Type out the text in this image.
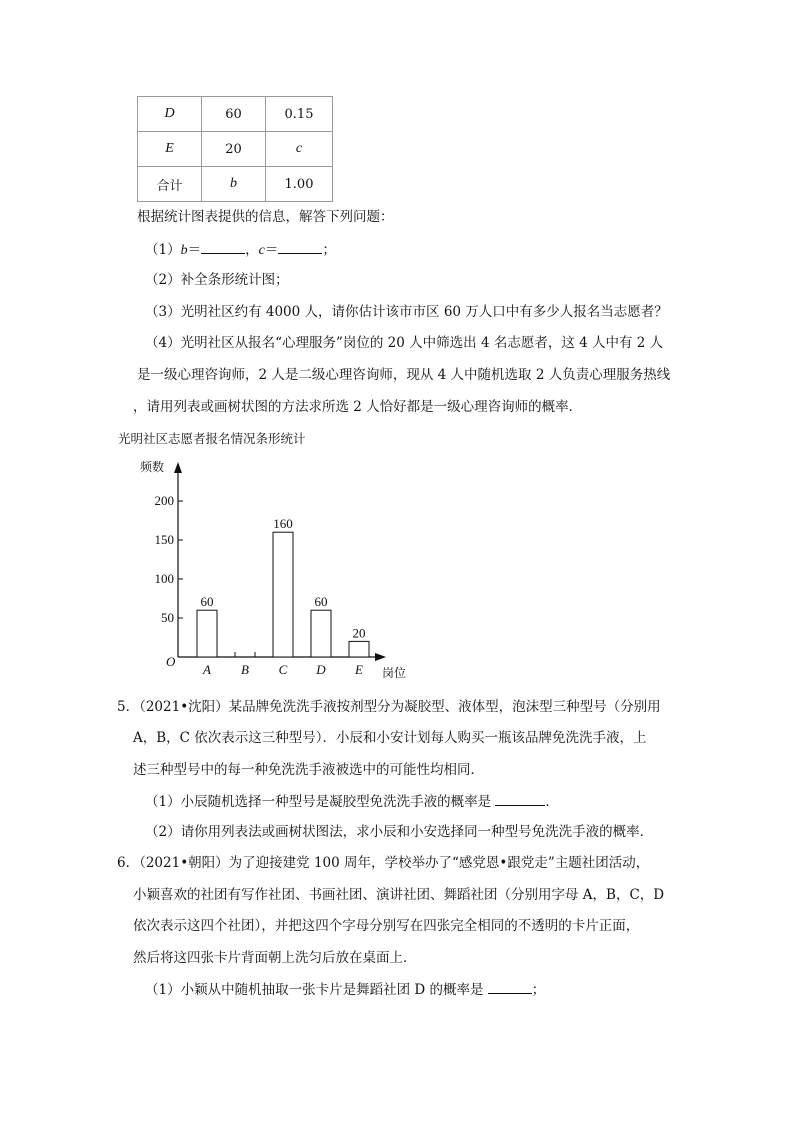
D	60	0.15
E	20	c
合计	b	1.00
根据统计图表提供的信息，解答下列问题：
（1）b＝	，c＝	；
（2）补全条形统计图；
（3）光明社区约有 4000 人，请你估计该市市区 60 万人口中有多少人报名当志愿者？
（4）光明社区从报名“心理服务”岗位的 20 人中筛选出 4 名志愿者，这 4 人中有 2 人
是一级心理咨询师，2 人是二级心理咨询师，现从 4 人中随机选取 2 人负责心理服务热线
，请用列表或画树状图的方法求所选 2 人恰好都是一级心理咨询师的概率．
光明社区志愿者报名情况条形统计
频数
岗位
O
50
100
150
200
60
A B
160
C
60
D
20
E
5．（2021•沈阳）某品牌免洗洗手液按剂型分为凝胶型、液体型，泡沫型三种型号（分别用
A，B，C 依次表示这三种型号）．小辰和小安计划每人购买一瓶该品牌免洗洗手液，上
述三种型号中的每一种免洗洗手液被选中的可能性均相同．
（1）小辰随机选择一种型号是凝胶型免洗洗手液的概率是	．
（2）请你用列表法或画树状图法，求小辰和小安选择同一种型号免洗洗手液的概率．
6．（2021•朝阳）为了迎接建党 100 周年，学校举办了“感党恩•跟党走”主题社团活动，
小颖喜欢的社团有写作社团、书画社团、演讲社团、舞蹈社团（分别用字母 A，B，C，D
依次表示这四个社团），并把这四个字母分别写在四张完全相同的不透明的卡片正面，
然后将这四张卡片背面朝上洗匀后放在桌面上．
（1）小颖从中随机抽取一张卡片是舞蹈社团 D 的概率是	；
